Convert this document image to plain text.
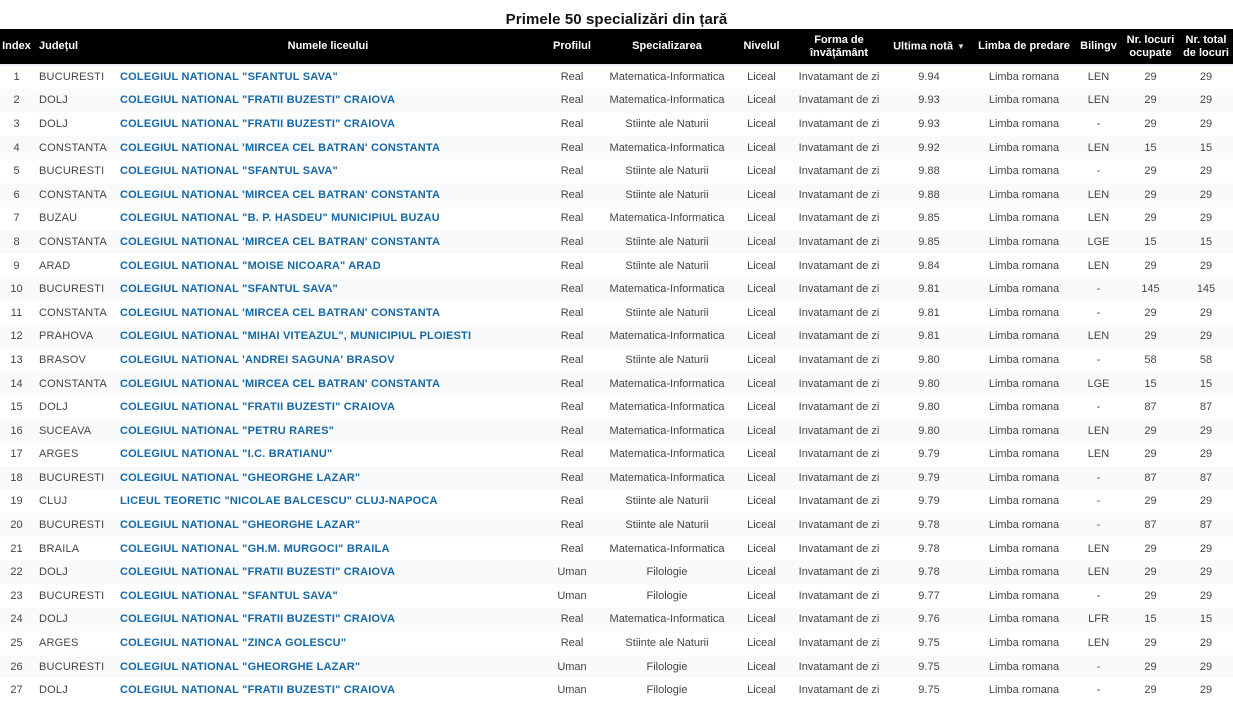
Primele 50 specializări din țară
Index	Județul	Numele liceului	Profilul	Specializarea	Nivelul	Forma de învățământ	Ultima notă ▼	Limba de predare	Bilingv	Nr. locuri ocupate	Nr. total de locuri
1	BUCURESTI	COLEGIUL NATIONAL "SFANTUL SAVA"	Real	Matematica-Informatica	Liceal	Invatamant de zi	9.94	Limba romana	LEN	29	29
2	DOLJ	COLEGIUL NATIONAL "FRATII BUZESTI" CRAIOVA	Real	Matematica-Informatica	Liceal	Invatamant de zi	9.93	Limba romana	LEN	29	29
3	DOLJ	COLEGIUL NATIONAL "FRATII BUZESTI" CRAIOVA	Real	Stiinte ale Naturii	Liceal	Invatamant de zi	9.93	Limba romana	-	29	29
4	CONSTANTA	COLEGIUL NATIONAL 'MIRCEA CEL BATRAN' CONSTANTA	Real	Matematica-Informatica	Liceal	Invatamant de zi	9.92	Limba romana	LEN	15	15
5	BUCURESTI	COLEGIUL NATIONAL "SFANTUL SAVA"	Real	Stiinte ale Naturii	Liceal	Invatamant de zi	9.88	Limba romana	-	29	29
6	CONSTANTA	COLEGIUL NATIONAL 'MIRCEA CEL BATRAN' CONSTANTA	Real	Stiinte ale Naturii	Liceal	Invatamant de zi	9.88	Limba romana	LEN	29	29
7	BUZAU	COLEGIUL NATIONAL "B. P. HASDEU" MUNICIPIUL BUZAU	Real	Matematica-Informatica	Liceal	Invatamant de zi	9.85	Limba romana	LEN	29	29
8	CONSTANTA	COLEGIUL NATIONAL 'MIRCEA CEL BATRAN' CONSTANTA	Real	Stiinte ale Naturii	Liceal	Invatamant de zi	9.85	Limba romana	LGE	15	15
9	ARAD	COLEGIUL NATIONAL "MOISE NICOARA" ARAD	Real	Stiinte ale Naturii	Liceal	Invatamant de zi	9.84	Limba romana	LEN	29	29
10	BUCURESTI	COLEGIUL NATIONAL "SFANTUL SAVA"	Real	Matematica-Informatica	Liceal	Invatamant de zi	9.81	Limba romana	-	145	145
11	CONSTANTA	COLEGIUL NATIONAL 'MIRCEA CEL BATRAN' CONSTANTA	Real	Stiinte ale Naturii	Liceal	Invatamant de zi	9.81	Limba romana	-	29	29
12	PRAHOVA	COLEGIUL NATIONAL "MIHAI VITEAZUL", MUNICIPIUL PLOIESTI	Real	Matematica-Informatica	Liceal	Invatamant de zi	9.81	Limba romana	LEN	29	29
13	BRASOV	COLEGIUL NATIONAL 'ANDREI SAGUNA' BRASOV	Real	Stiinte ale Naturii	Liceal	Invatamant de zi	9.80	Limba romana	-	58	58
14	CONSTANTA	COLEGIUL NATIONAL 'MIRCEA CEL BATRAN' CONSTANTA	Real	Matematica-Informatica	Liceal	Invatamant de zi	9.80	Limba romana	LGE	15	15
15	DOLJ	COLEGIUL NATIONAL "FRATII BUZESTI" CRAIOVA	Real	Matematica-Informatica	Liceal	Invatamant de zi	9.80	Limba romana	-	87	87
16	SUCEAVA	COLEGIUL NATIONAL "PETRU RARES"	Real	Matematica-Informatica	Liceal	Invatamant de zi	9.80	Limba romana	LEN	29	29
17	ARGES	COLEGIUL NATIONAL "I.C. BRATIANU"	Real	Matematica-Informatica	Liceal	Invatamant de zi	9.79	Limba romana	LEN	29	29
18	BUCURESTI	COLEGIUL NATIONAL "GHEORGHE LAZAR"	Real	Matematica-Informatica	Liceal	Invatamant de zi	9.79	Limba romana	-	87	87
19	CLUJ	LICEUL TEORETIC "NICOLAE BALCESCU" CLUJ-NAPOCA	Real	Stiinte ale Naturii	Liceal	Invatamant de zi	9.79	Limba romana	-	29	29
20	BUCURESTI	COLEGIUL NATIONAL "GHEORGHE LAZAR"	Real	Stiinte ale Naturii	Liceal	Invatamant de zi	9.78	Limba romana	-	87	87
21	BRAILA	COLEGIUL NATIONAL "GH.M. MURGOCI" BRAILA	Real	Matematica-Informatica	Liceal	Invatamant de zi	9.78	Limba romana	LEN	29	29
22	DOLJ	COLEGIUL NATIONAL "FRATII BUZESTI" CRAIOVA	Uman	Filologie	Liceal	Invatamant de zi	9.78	Limba romana	LEN	29	29
23	BUCURESTI	COLEGIUL NATIONAL "SFANTUL SAVA"	Uman	Filologie	Liceal	Invatamant de zi	9.77	Limba romana	-	29	29
24	DOLJ	COLEGIUL NATIONAL "FRATII BUZESTI" CRAIOVA	Real	Matematica-Informatica	Liceal	Invatamant de zi	9.76	Limba romana	LFR	15	15
25	ARGES	COLEGIUL NATIONAL "ZINCA GOLESCU"	Real	Stiinte ale Naturii	Liceal	Invatamant de zi	9.75	Limba romana	LEN	29	29
26	BUCURESTI	COLEGIUL NATIONAL "GHEORGHE LAZAR"	Uman	Filologie	Liceal	Invatamant de zi	9.75	Limba romana	-	29	29
27	DOLJ	COLEGIUL NATIONAL "FRATII BUZESTI" CRAIOVA	Uman	Filologie	Liceal	Invatamant de zi	9.75	Limba romana	-	29	29
